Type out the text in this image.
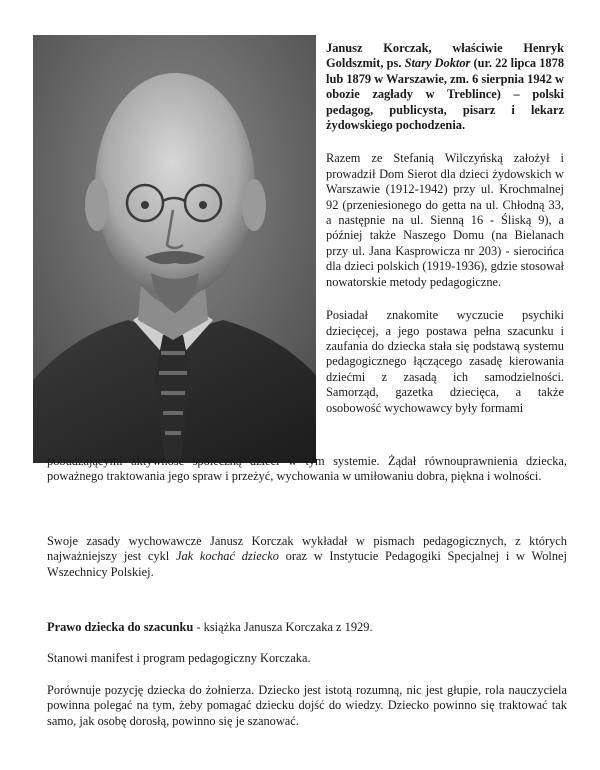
Janusz Korczak, właściwie Henryk Goldszmit, ps. Stary Doktor (ur. 22 lipca 1878 lub 1879 w Warszawie, zm. 6 sierpnia 1942 w obozie zagłady w Treblince) – polski pedagog, publicysta, pisarz i lekarz żydowskiego pochodzenia.

Razem ze Stefanią Wilczyńską założył i prowadził Dom Sierot dla dzieci żydowskich w Warszawie (1912-1942) przy ul. Krochmalnej 92 (przeniesionego do getta na ul. Chłodną 33, a następnie na ul. Sienną 16 - Śliską 9), a później także Naszego Domu (na Bielanach przy ul. Jana Kasprowicza nr 203) - sierocińca dla dzieci polskich (1919-1936), gdzie stosował nowatorskie metody pedagogiczne.

Posiadał znakomite wyczucie psychiki dziecięcej, a jego postawa pełna szacunku i zaufania do dziecka stała się podstawą systemu pedagogicznego łączącego zasadę kierowania dziećmi z zasadą ich samodzielności. Samorząd, gazetka dziecięca, a także osobowość wychowawcy były formami

pobudzającymi aktywność społeczną dzieci w tym systemie. Żądał równouprawnienia dziecka, poważnego traktowania jego spraw i przeżyć, wychowania w umiłowaniu dobra, piękna i wolności.

Swoje zasady wychowawcze Janusz Korczak wykładał w pismach pedagogicznych, z których najważniejszy jest cykl Jak kochać dziecko oraz w Instytucie Pedagogiki Specjalnej i w Wolnej Wszechnicy Polskiej.

Prawo dziecka do szacunku - książka Janusza Korczaka z 1929.

Stanowi manifest i program pedagogiczny Korczaka.

Porównuje pozycję dziecka do żołnierza. Dziecko jest istotą rozumną, nic jest głupie, rola nauczyciela powinna polegać na tym, żeby pomagać dziecku dojść do wiedzy. Dziecko powinno się traktować tak samo, jak osobę dorosłą, powinno się je szanować.
